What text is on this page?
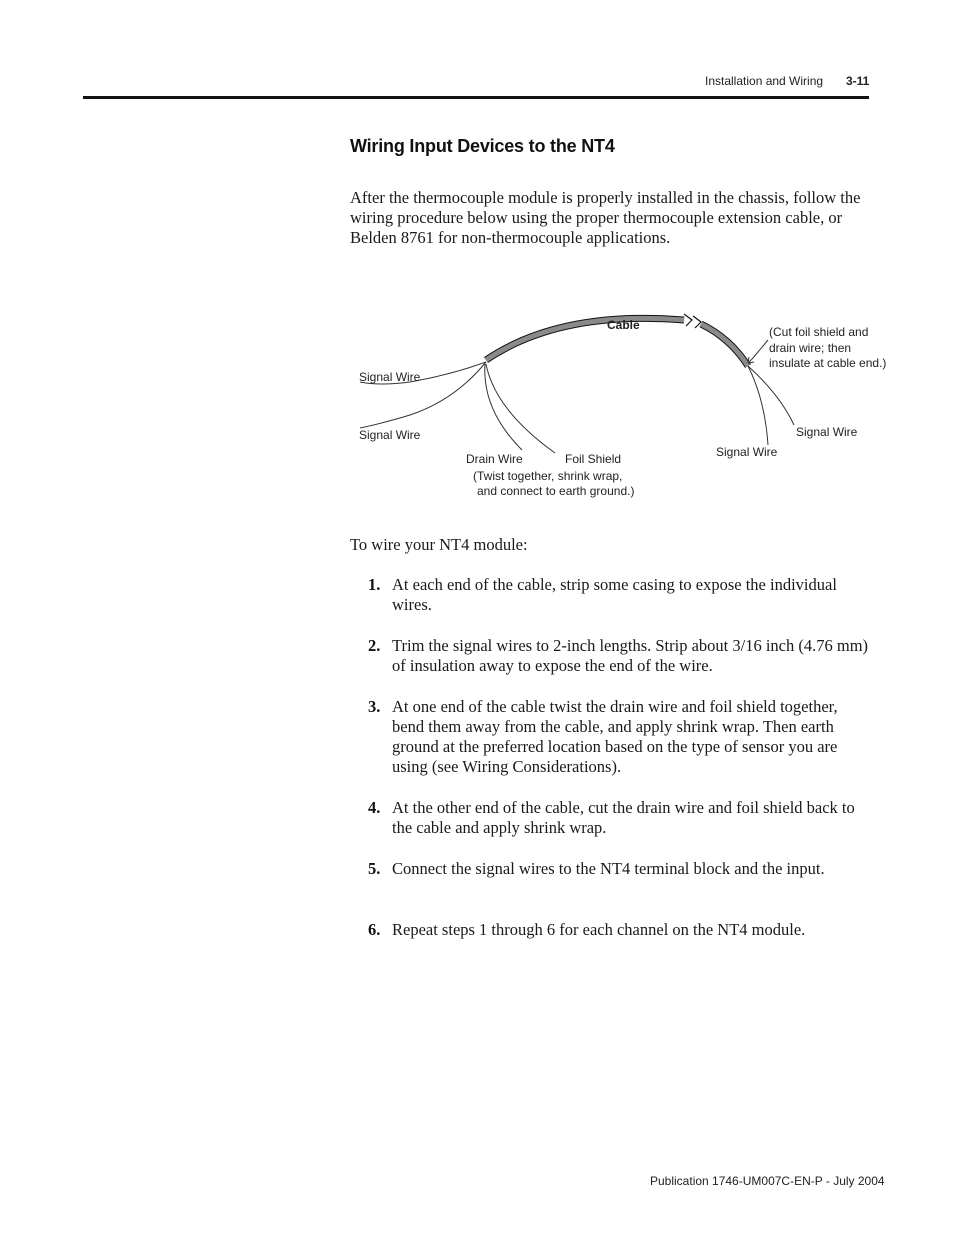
Installation and Wiring 3-11
Wiring Input Devices to the NT4

After the thermocouple module is properly installed in the chassis, follow the wiring procedure below using the proper thermocouple extension cable, or Belden 8761 for non-thermocouple applications.

Cable	(Cut foil shield and
drain wire; then
insulate at cable end.)
Signal Wire
Signal Wire
Drain Wire	Foil Shield
(Twist together, shrink wrap,
and connect to earth ground.)
Signal Wire
Signal Wire

To wire your NT4 module:

1. At each end of the cable, strip some casing to expose the individual wires.
2. Trim the signal wires to 2-inch lengths. Strip about 3/16 inch (4.76 mm) of insulation away to expose the end of the wire.
3. At one end of the cable twist the drain wire and foil shield together, bend them away from the cable, and apply shrink wrap. Then earth ground at the preferred location based on the type of sensor you are using (see Wiring Considerations).
4. At the other end of the cable, cut the drain wire and foil shield back to the cable and apply shrink wrap.
5. Connect the signal wires to the NT4 terminal block and the input.
6. Repeat steps 1 through 6 for each channel on the NT4 module.
Publication 1746-UM007C-EN-P - July 2004
